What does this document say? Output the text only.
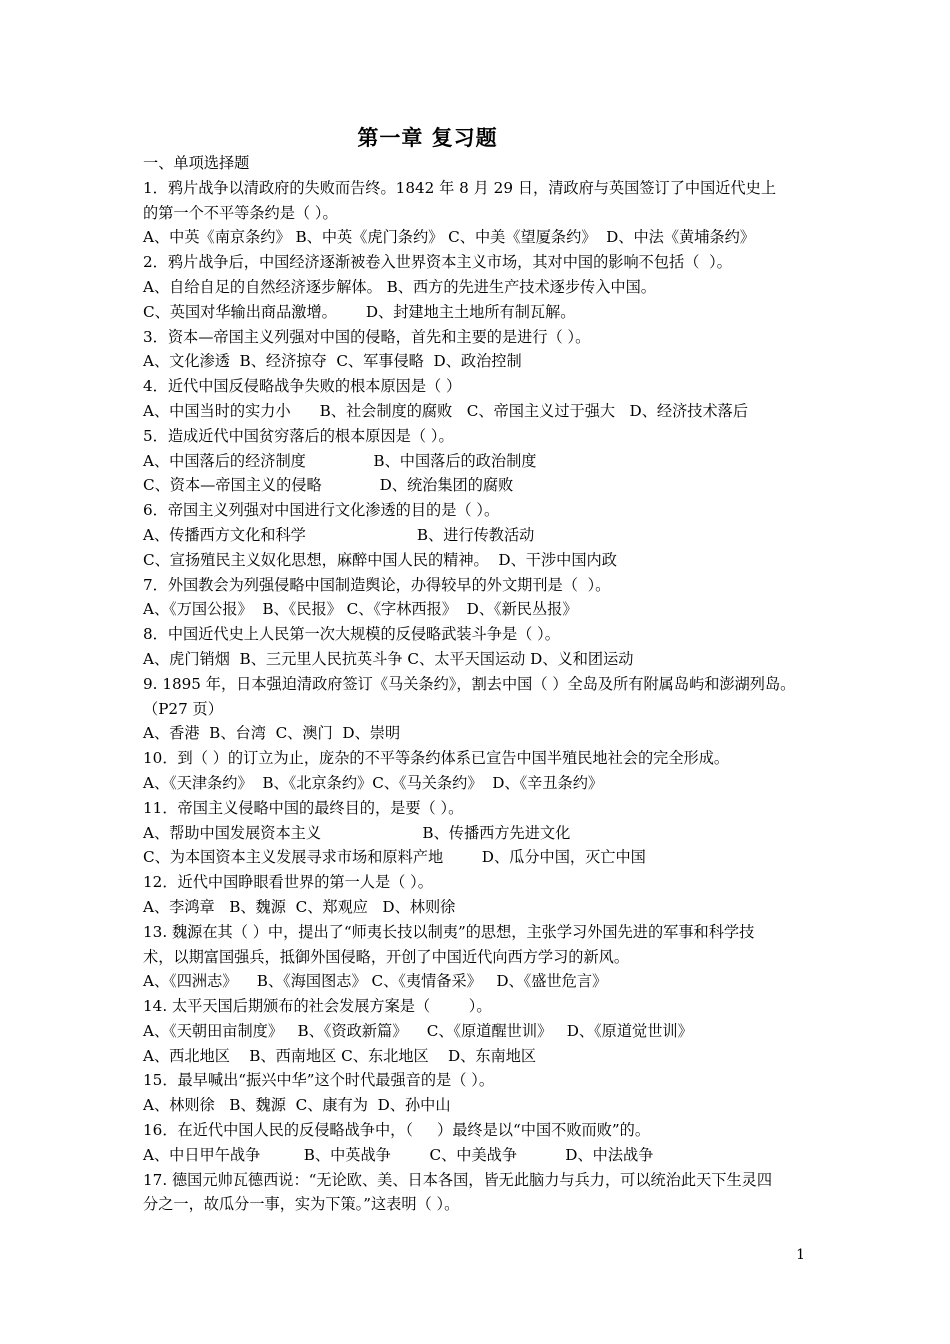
第一章 复习题
一、单项选择题
1．鸦片战争以清政府的失败而告终。1842 年 8 月 29 日，清政府与英国签订了中国近代史上
的第一个不平等条约是（ ）。
A、中英《南京条约》 B、中英《虎门条约》 C、中美《望厦条约》  D、中法《黄埔条约》
2．鸦片战争后，中国经济逐渐被卷入世界资本主义市场，其对中国的影响不包括（  ）。
A、自给自足的自然经济逐步解体。 B、西方的先进生产技术逐步传入中国。
C、英国对华输出商品激增。      D、封建地主土地所有制瓦解。
3．资本—帝国主义列强对中国的侵略，首先和主要的是进行（ ）。
A、文化渗透  B、经济掠夺  C、军事侵略  D、政治控制
4．近代中国反侵略战争失败的根本原因是（ ）
A、中国当时的实力小      B、社会制度的腐败   C、帝国主义过于强大   D、经济技术落后
5．造成近代中国贫穷落后的根本原因是（ ）。
A、中国落后的经济制度              B、中国落后的政治制度
C、资本—帝国主义的侵略            D、统治集团的腐败
6．帝国主义列强对中国进行文化渗透的目的是（ ）。
A、传播西方文化和科学                       B、进行传教活动
C、宣扬殖民主义奴化思想，麻醉中国人民的精神。  D、干涉中国内政
7．外国教会为列强侵略中国制造舆论，办得较早的外文期刊是（  ）。
A、《万国公报》  B、《民报》 C、《字林西报》  D、《新民丛报》
8．中国近代史上人民第一次大规模的反侵略武装斗争是（ ）。
A、虎门销烟  B、三元里人民抗英斗争 C、太平天国运动 D、义和团运动
9. 1895 年，日本强迫清政府签订《马关条约》，割去中国（ ）全岛及所有附属岛屿和澎湖列岛。
（P27 页）
A、香港  B、台湾  C、澳门  D、崇明
10．到（ ）的订立为止，庞杂的不平等条约体系已宣告中国半殖民地社会的完全形成。
A、《天津条约》  B、《北京条约》C、《马关条约》  D、《辛丑条约》
11．帝国主义侵略中国的最终目的，是要（ ）。
A、帮助中国发展资本主义                     B、传播西方先进文化
C、为本国资本主义发展寻求市场和原料产地        D、瓜分中国，灭亡中国
12．近代中国睁眼看世界的第一人是（ ）。
A、李鸿章   B、魏源  C、郑观应   D、林则徐
13. 魏源在其（ ）中，提出了“师夷长技以制夷”的思想，主张学习外国先进的军事和科学技
术，以期富国强兵，抵御外国侵略，开创了中国近代向西方学习的新风。
A、《四洲志》    B、《海国图志》 C、《夷情备采》   D、《盛世危言》
14. 太平天国后期颁布的社会发展方案是（        ）。
A、《天朝田亩制度》   B、《资政新篇》    C、《原道醒世训》   D、《原道觉世训》
A、西北地区    B、西南地区 C、东北地区    D、东南地区
15．最早喊出“振兴中华”这个时代最强音的是（ ）。
A、林则徐   B、魏源  C、康有为  D、孙中山
16．在近代中国人民的反侵略战争中，（     ）最终是以“中国不败而败”的。
A、中日甲午战争         B、中英战争        C、中美战争          D、中法战争
17. 德国元帅瓦德西说：“无论欧、美、日本各国，皆无此脑力与兵力，可以统治此天下生灵四
分之一，故瓜分一事，实为下策。”这表明（ ）。
1
